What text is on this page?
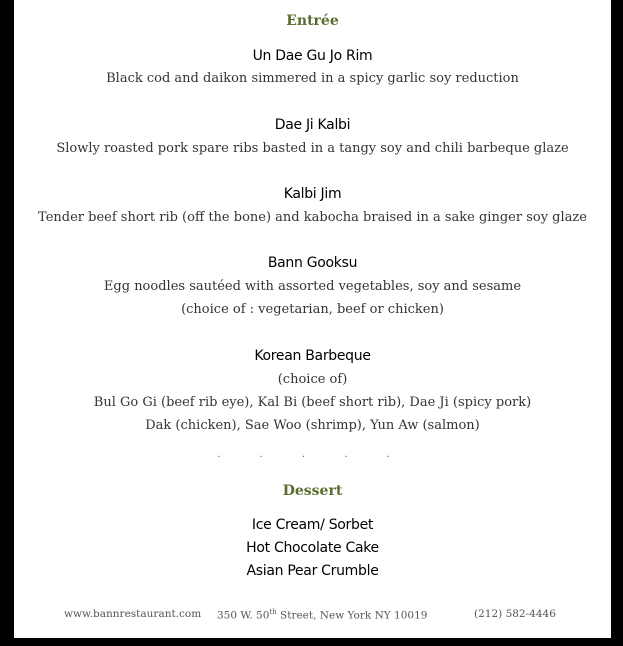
Entrée
Un Dae Gu Jo Rim
Black cod and daikon simmered in a spicy garlic soy reduction
Dae Ji Kalbi
Slowly roasted pork spare ribs basted in a tangy soy and chili barbeque glaze
Kalbi Jim
Tender beef short rib (off the bone) and kabocha braised in a sake ginger soy glaze
Bann Gooksu
Egg noodles sautéed with assorted vegetables, soy and sesame
(choice of : vegetarian, beef or chicken)
Korean Barbeque
(choice of)
Bul Go Gi (beef rib eye), Kal Bi (beef short rib), Dae Ji (spicy pork)
Dak (chicken), Sae Woo (shrimp), Yun Aw (salmon)
. . . . .
Dessert
Ice Cream/ Sorbet
Hot Chocolate Cake
Asian Pear Crumble
www.bannrestaurant.com 350 W. 50th Street, New York NY 10019	(212) 582-4446
